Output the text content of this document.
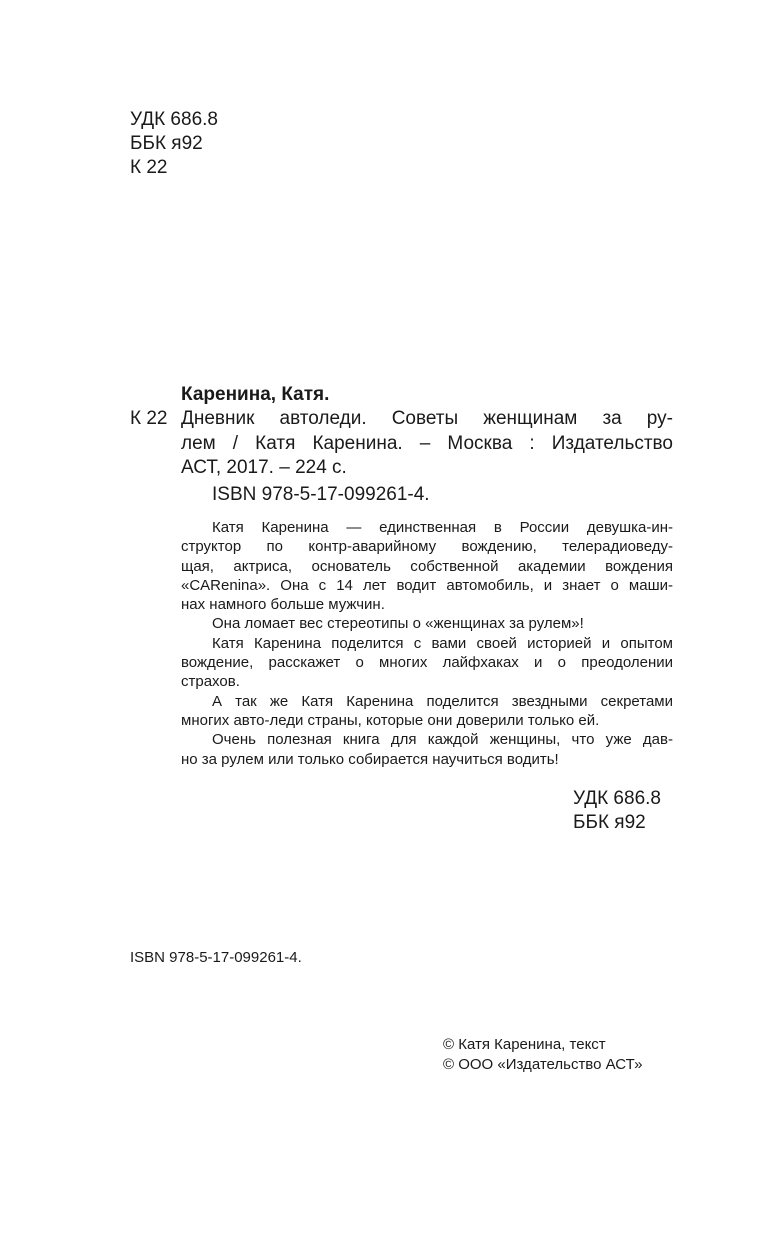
УДК 686.8
ББК я92
К 22
Каренина, Катя.
К 22 Дневник автоледи. Советы женщинам за ру-
лем / Катя Каренина. – Москва : Издательство
АСТ, 2017. – 224 с.
ISBN 978-5-17-099261-4.
Катя Каренина — единственная в России девушка-ин-
структор по контр-аварийному вождению, телерадиоведу-
щая, актриса, основатель собственной академии вождения
«CARenina». Она с 14 лет водит автомобиль, и знает о маши-
нах намного больше мужчин.
Она ломает вес стереотипы о «женщинах за рулем»!
Катя Каренина поделится с вами своей историей и опытом
вождение, расскажет о многих лайфхаках и о преодолении
страхов.
А так же Катя Каренина поделится звездными секретами
многих авто-леди страны, которые они доверили только ей.
Очень полезная книга для каждой женщины, что уже дав-
но за рулем или только собирается научиться водить!
УДК 686.8
ББК я92
ISBN 978-5-17-099261-4.
© Катя Каренина, текст
© ООО «Издательство АСТ»
